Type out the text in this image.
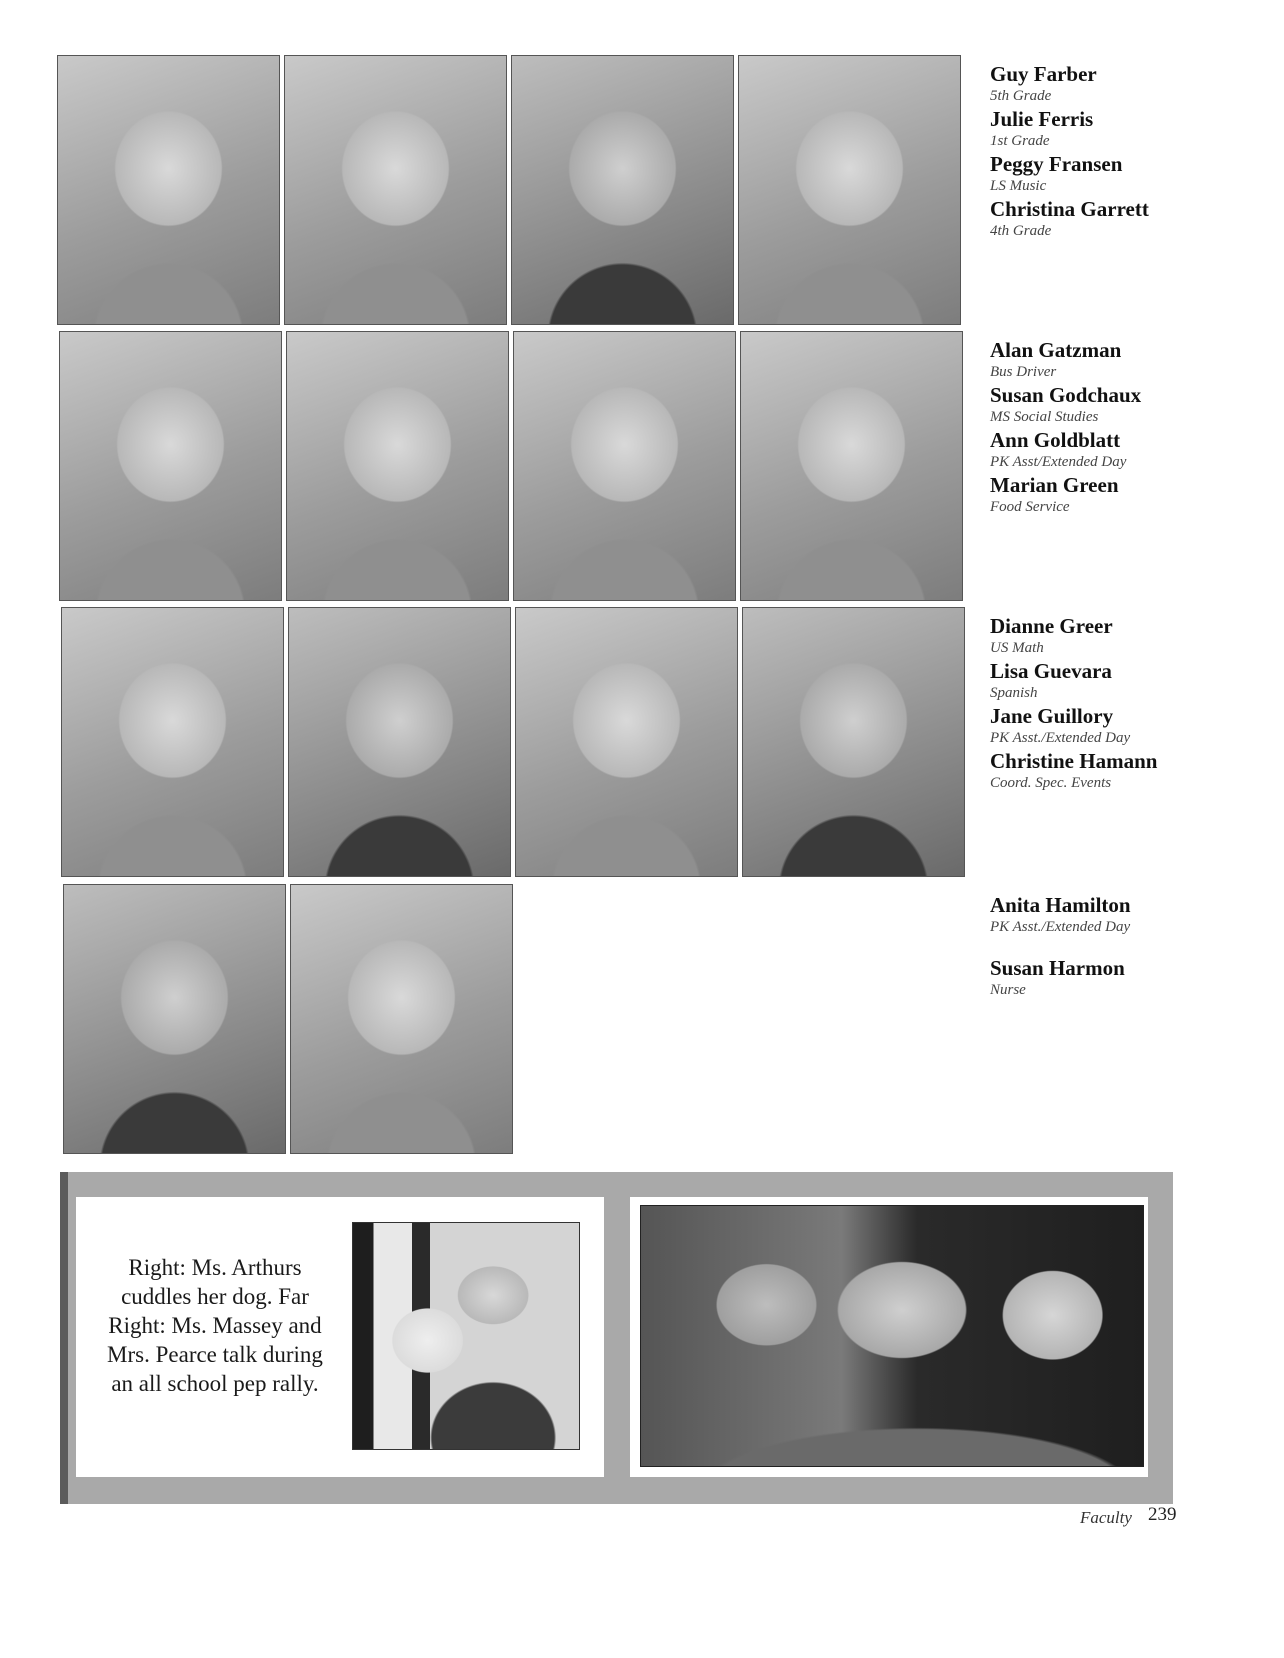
Guy Farber
5th Grade
Julie Ferris
1st Grade
Peggy Fransen
LS Music
Christina Garrett
4th Grade
Alan Gatzman
Bus Driver
Susan Godchaux
MS Social Studies
Ann Goldblatt
PK Asst/Extended Day
Marian Green
Food Service
Dianne Greer
US Math
Lisa Guevara
Spanish
Jane Guillory
PK Asst./Extended Day
Christine Hamann
Coord. Spec. Events
Anita Hamilton
PK Asst./Extended Day
Susan Harmon
Nurse
Right: Ms. Arthurs cuddles her dog. Far Right: Ms. Massey and Mrs. Pearce talk during an all school pep rally.
Faculty 239
